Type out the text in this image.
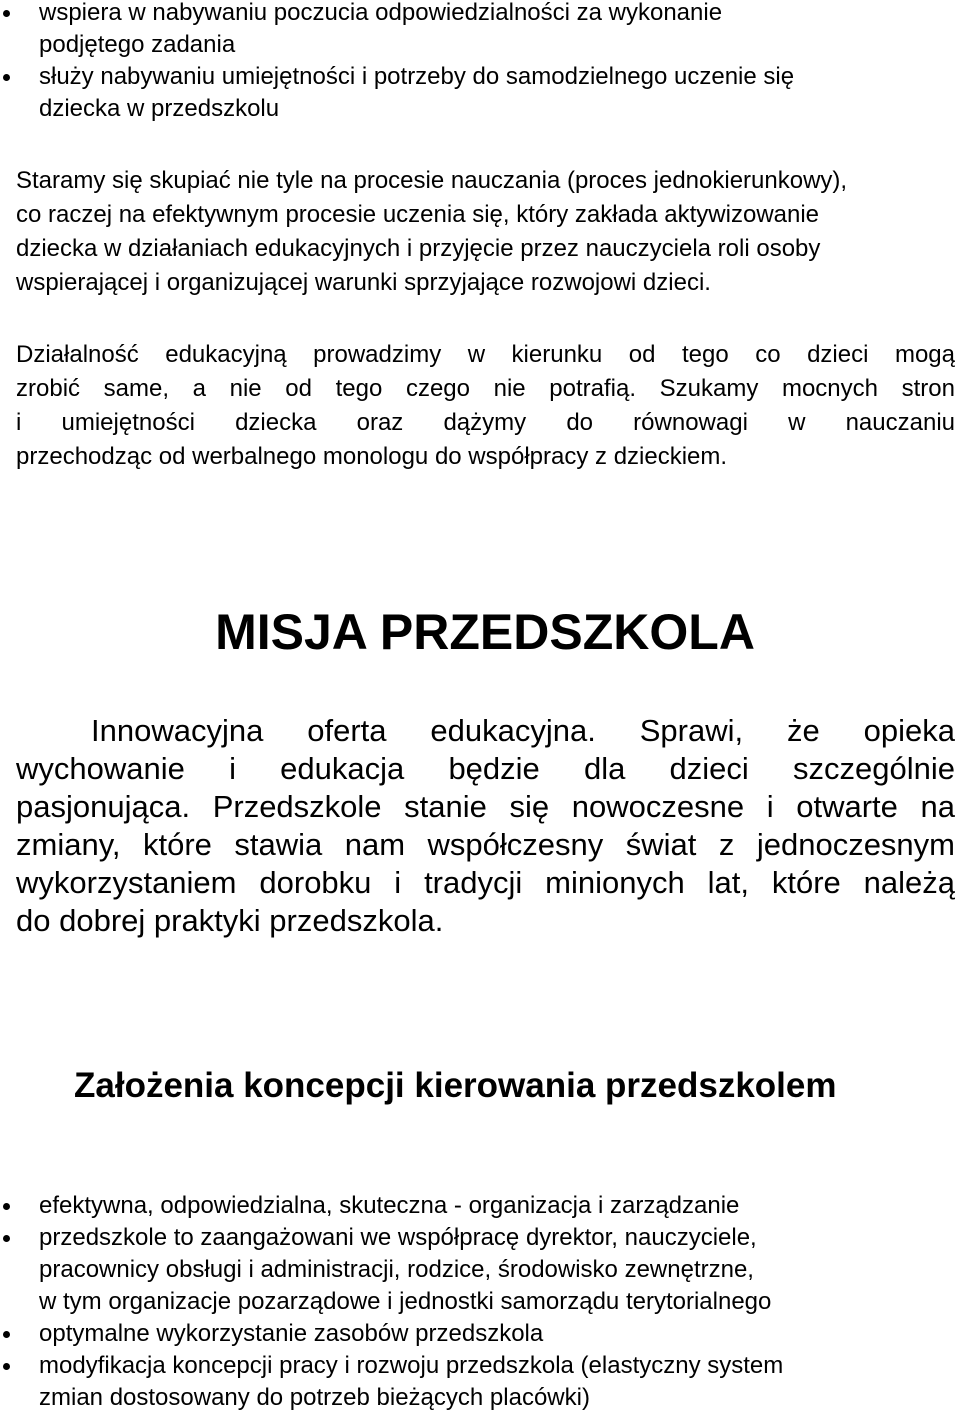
wspiera w nabywaniu poczucia odpowiedzialności za wykonanie
podjętego zadania
służy nabywaniu umiejętności i potrzeby do samodzielnego uczenie się
dziecka w przedszkolu

Staramy się skupiać nie tyle na procesie nauczania (proces jednokierunkowy),
co raczej na efektywnym procesie uczenia się, który zakłada aktywizowanie
dziecka w działaniach edukacyjnych i przyjęcie przez nauczyciela roli osoby
wspierającej i organizującej warunki sprzyjające rozwojowi dzieci.

Działalność edukacyjną prowadzimy w kierunku od tego co dzieci mogą
zrobić same, a nie od tego czego nie potrafią. Szukamy mocnych stron
i umiejętności dziecka oraz dążymy do równowagi w nauczaniu
przechodząc od werbalnego monologu do współpracy z dzieckiem.
MISJA PRZEDSZKOLA
Innowacyjna oferta edukacyjna. Sprawi, że opieka
wychowanie i edukacja będzie dla dzieci szczególnie
pasjonująca. Przedszkole stanie się nowoczesne i otwarte na
zmiany, które stawia nam współczesny świat z jednoczesnym
wykorzystaniem dorobku i tradycji minionych lat, które należą
do dobrej praktyki przedszkola.
Założenia koncepcji kierowania przedszkolem
efektywna, odpowiedzialna, skuteczna - organizacja i zarządzanie
przedszkole to zaangażowani we współpracę dyrektor, nauczyciele,
pracownicy obsługi i administracji, rodzice, środowisko zewnętrzne,
w tym organizacje pozarządowe i jednostki samorządu terytorialnego
optymalne wykorzystanie zasobów przedszkola
modyfikacja koncepcji pracy i rozwoju przedszkola (elastyczny system
zmian dostosowany do potrzeb bieżących placówki)
